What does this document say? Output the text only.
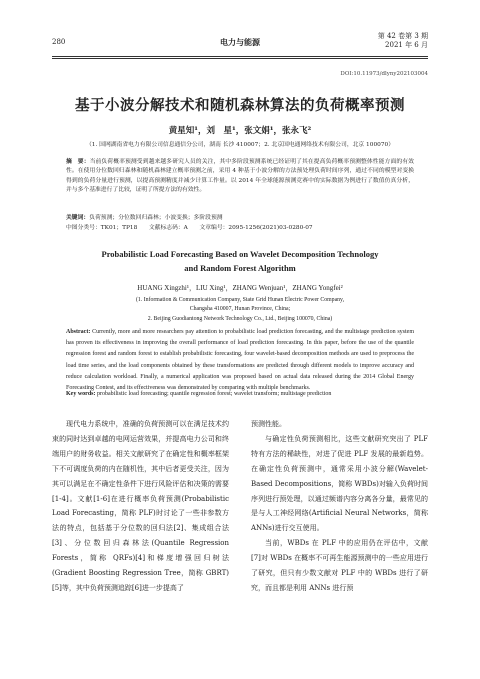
280	电力与能源
第 42 卷第 3 期
2021 年 6 月
DOI:10.11973/dlyny202103004
基于小波分解技术和随机森林算法的负荷概率预测
黄星知¹，刘　星¹，张文娟¹，张永飞²
（1. 国网湖南省电力有限公司信息通信分公司，湖南 长沙 410007；2. 北京国电通网络技术有限公司，北京 100070）
摘　要：当前负荷概率预测受到越来越多研究人员的关注，其中多阶段预测系统已经证明了其在提高负荷概率预测整体性能方面的有效性。在使用分位数回归森林和随机森林建立概率预测之前，采用 4 种基于小波分解的方法预处理负荷时间序列，通过不同的模型对变换得到的负荷分量进行预测，以提高预测精度并减少计算工作量。以 2014 年全球能源预测竞赛中的实际数据为例进行了数值仿真分析，并与多个基准进行了比较，证明了所提方法的有效性。
关键词：负荷预测；分位数回归森林；小波变换；多阶段预测
中图分类号：TK01；TP18　　文献标志码：A　　文章编号：2095-1256(2021)03-0280-07
Probabilistic Load Forecasting Based on Wavelet Decomposition Technology
and Random Forest Algorithm
HUANG Xingzhi¹，LIU Xing¹，ZHANG Wenjuan¹，ZHANG Yongfei²
(1. Information & Communication Company, State Grid Hunan Electric Power Company,
Changsha 410007, Hunan Province, China;
2. Beijing Guodiantong Network Technology Co., Ltd., Beijing 100070, China)
Abstract: Currently, more and more researchers pay attention to probabilistic load prediction forecasting, and the multistage prediction system has proven its effectiveness in improving the overall performance of load prediction forecasting. In this paper, before the use of the quantile regression forest and random forest to establish probabilistic forecasting, four wavelet-based decomposition methods are used to preprocess the load time series, and the load components obtained by these transformations are predicted through different models to improve accuracy and reduce calculation workload. Finally, a numerical application was proposed based on actual data released during the 2014 Global Energy Forecasting Contest, and its effectiveness was demonstrated by comparing with multiple benchmarks.
Key words: probabilistic load forecasting; quantile regression forest; wavelet transform; multistage prediction

现代电力系统中，准确的负荷预测可以在满足技术约束的同时达到卓越的电网运营效果，并提高电力公司和终端用户的财务收益。相关文献研究了在确定性和概率框架下不可调度负荷的内在随机性，其中后者更受关注，因为其可以满足在不确定性条件下进行风险评估和决策的需要[1-4]。文献[1-6]在进行概率负荷预测(Probabilistic Load Forecasting，简称 PLF)时讨论了一些非参数方法的特点，包括基于分位数的回归法[2]、集成组合法[3]、分位数回归森林法(Quantile Regression Forests，简称 QRFs)[4]和梯度增强回归树法(Gradient Boosting Regression Tree，简称 GBRT)[5]等，其中负荷预测追踪[6]进一步提高了

预测性能。

与确定性负荷预测相比，这些文献研究突出了 PLF 特有方法的稀缺性，对进了促进 PLF 发展的最新趋势。在确定性负荷预测中，通常采用小波分解(Wavelet-Based Decompositions，简称 WBDs)对输入负荷时间序列进行预处理，以通过频谱内容分离各分量，最常见的是与人工神经网络(Artificial Neural Networks，简称 ANNs)进行交互使用。

当前，WBDs 在 PLF 中的应用仍在评估中，文献[7]对 WBDs 在概率不可再生能源预测中的一些应用进行了研究，但只有少数文献对 PLF 中的 WBDs 进行了研究，而且都是利用 ANNs 进行预
